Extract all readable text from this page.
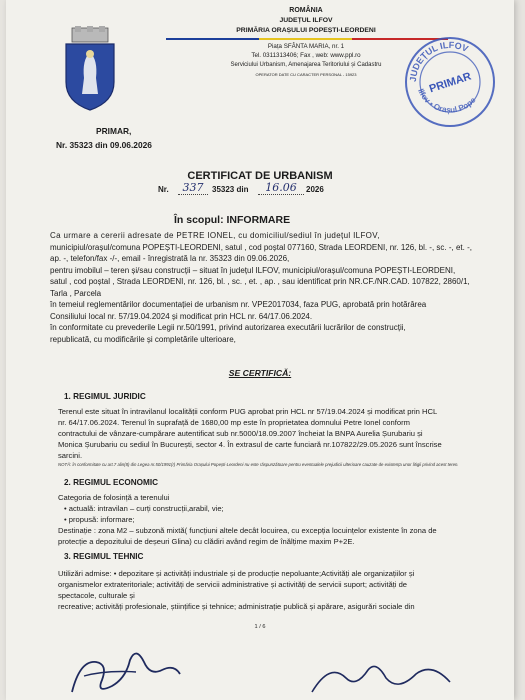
ROMÂNIA
JUDEȚUL ILFOV
PRIMĂRIA ORAȘULUI POPEȘTI-LEORDENI
Piața SFÂNTA MARIA, nr. 1
Tel. 0311313406; Fax , web: www.ppl.ro
Serviciului Urbanism, Amenajarea Teritoriului și Cadastru
OPERATOR DATE CU CARACTER PERSONAL - 15923
JUDEȚUL ILFOV
PRIMAR
Ilfov • Orașul Pope
PRIMAR,
Nr. 35323 din 09.06.2026
CERTIFICAT DE URBANISM
Nr.	337	35323 din	16.06	2026
În scopul: INFORMARE
Ca urmare a cererii adresate de PETRE IONEL, cu domiciliul/sediul în județul ILFOV,
municipiul/orașul/comuna POPEȘTI-LEORDENI, satul , cod poștal 077160, Strada LEORDENI, nr. 126, bl. -, sc. -, et. -,
ap. -, telefon/fax -/-, email - înregistrată la nr. 35323 din 09.06.2026,
pentru imobilul – teren și/sau construcții – situat în județul ILFOV, municipiul/orașul/comuna POPEȘTI-LEORDENI,
satul , cod poștal , Strada LEORDENI, nr. 126, bl. , sc. , et. , ap. , sau identificat prin NR.CF./NR.CAD. 107822, 2860/1,
Tarla , Parcela
în temeiul reglementărilor documentației de urbanism nr. VPE2017034, faza PUG, aprobată prin hotărârea
Consiliului local nr. 57/19.04.2024 și modificat prin HCL nr. 64/17.06.2024.
în conformitate cu prevederile Legii nr.50/1991, privind autorizarea executării lucrărilor de construcții,
republicată, cu modificările și completările ulterioare,
SE CERTIFICĂ:
1. REGIMUL JURIDIC
Terenul este situat în intravilanul localității conform PUG aprobat prin HCL nr 57/19.04.2024 și modificat prin HCL
nr. 64/17.06.2024. Terenul în suprafață de 1680,00 mp este în proprietatea domnului Petre Ionel conform
contractului de vânzare-cumpărare autentificat sub nr.5000/18.09.2007 încheiat la BNPA Aurelia Șurubariu și
Monica Șurubariu cu sediul în București, sector 4. În extrasul de carte funciară nr.107822/29.05.2026 sunt înscrise
sarcini.
NOTĂ: în conformitate cu art.7 alin(8) din Legea nr.50/1991(r) Primăria Orașului Popești-Leordeni nu este răspunzătoare pentru eventualele prejudicii ulterioare cauzate de existența unor litigii privind acest teren.
2. REGIMUL ECONOMIC
Categoria de folosință a terenului
• actuală: intravilan – curți construcții,arabil, vie;
• propusă: informare;
Destinație : zona M2 – subzonă mixtă( funcțiuni altele decât locuirea, cu excepția locuințelor existente în zona de
protecție a depozitului de deșeuri Glina) cu clădiri având regim de înălțime maxim P+2E.
3. REGIMUL TEHNIC
Utilizări admise: • depozitare și activități industriale și de producție nepoluante;Activități ale organizațiilor și
organismelor extrateritoriale; activități de servicii administrative și activități de servicii suport; activități de
spectacole, culturale și
recreative; activități profesionale, științifice și tehnice; administrație publică și apărare, asigurări sociale din
1 / 6
